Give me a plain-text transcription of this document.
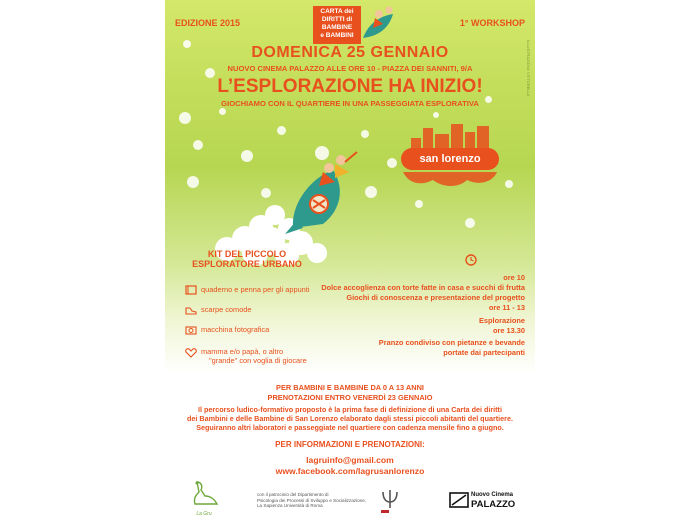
EDIZIONE 2015	1° WORKSHOP
CARTA dei
DIRITTI di
BAMBINE
e BAMBINI
ILLUSTRAZIONI: VITTORELLA
DOMENICA 25 GENNAIO
NUOVO CINEMA PALAZZO ALLE ORE 10 - PIAZZA DEI SANNITI, 9/A
L’ESPLORAZIONE HA INIZIO!
GIOCHIAMO CON IL QUARTIERE IN UNA PASSEGGIATA ESPLORATIVA
san lorenzo
KIT DEL PICCOLO
ESPLORATORE URBANO
quaderno e penna per gli appunti
scarpe comode
macchina fotografica
mamma e/o papà, o altro
"grande" con voglia di giocare
ore 10
Dolce accoglienza con torte fatte in casa e succhi di frutta
Giochi di conoscenza e presentazione del progetto
ore 11 - 13
Esplorazione
ore 13.30
Pranzo condiviso con pietanze e bevande
portate dai partecipanti
PER BAMBINI E BAMBINE DA 0 A 13 ANNI
PRENOTAZIONI ENTRO VENERDÌ 23 GENNAIO
Il percorso ludico-formativo proposto è la prima fase di definizione di una Carta dei diritti
dei Bambini e delle Bambine di San Lorenzo elaborato dagli stessi piccoli abitanti del quartiere.
Seguiranno altri laboratori e passeggiate nel quartiere con cadenza mensile fino a giugno.
PER INFORMAZIONI E PRENOTAZIONI:
lagruinfo@gmail.com
www.facebook.com/lagrusanlorenzo
La Gru
con il patrocinio del Dipartimento di
Psicologia dei Processi di Sviluppo e Socializzazione,
La Sapienza Università di Roma
Nuovo Cinema
PALAZZO
